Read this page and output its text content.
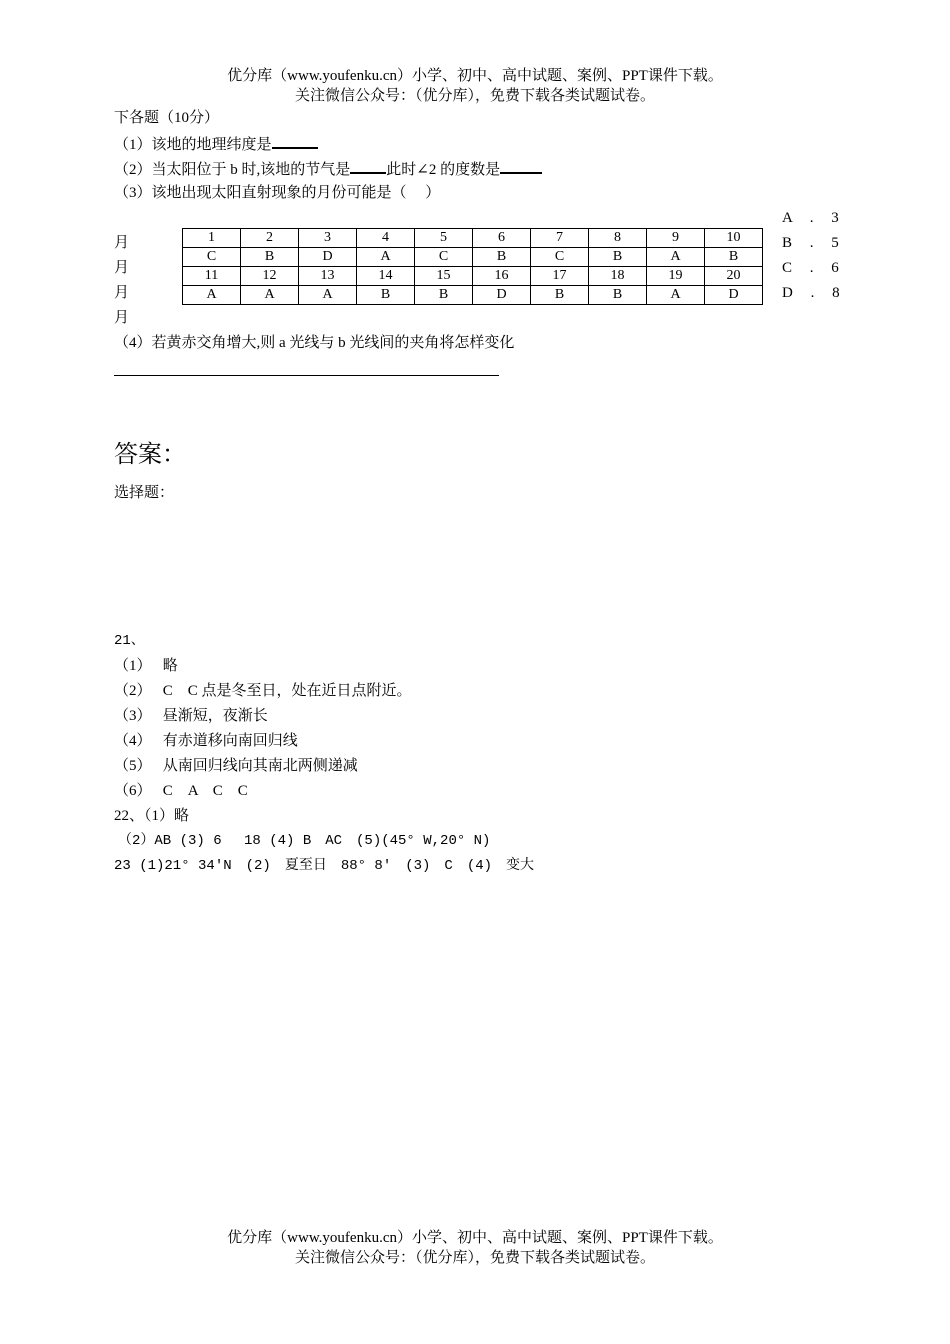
优分库（www.youfenku.cn）小学、初中、高中试题、案例、PPT课件下载。
关注微信公众号：（优分库），免费下载各类试题试卷。
下各题（10分）
（1）该地的地理纬度是
（2）当太阳位于 b 时,该地的节气是 此时∠2 的度数是
（3）该地出现太阳直射现象的月份可能是（　 ）
A . 3
B . 5
C . 6
D . 8
月
月
月
月
1	2	3	4	5	6	7	8	9	10
C	B	D	A	C	B	C	B	A	B
11	12	13	14	15	16	17	18	19	20
A	A	A	B	B	D	B	B	A	D
（4）若黄赤交角增大,则 a 光线与 b 光线间的夹角将怎样变化
答案：
选择题：
21、
（1）　 略
（2）　 C　C 点是冬至日，处在近日点附近。
（3）　 昼渐短，夜渐长
（4）　 有赤道移向南回归线
（5）　 从南回归线向其南北两侧递减
（6）　 C　A　C　C
22、（1）略
（2）AB (3) 6　 18 (4) B　AC　(5)(45° W,20° N)
23 (1)21° 34′N　(2)　夏至日　88° 8′　(3)　C　(4)　变大
优分库（www.youfenku.cn）小学、初中、高中试题、案例、PPT课件下载。
关注微信公众号：（优分库），免费下载各类试题试卷。
